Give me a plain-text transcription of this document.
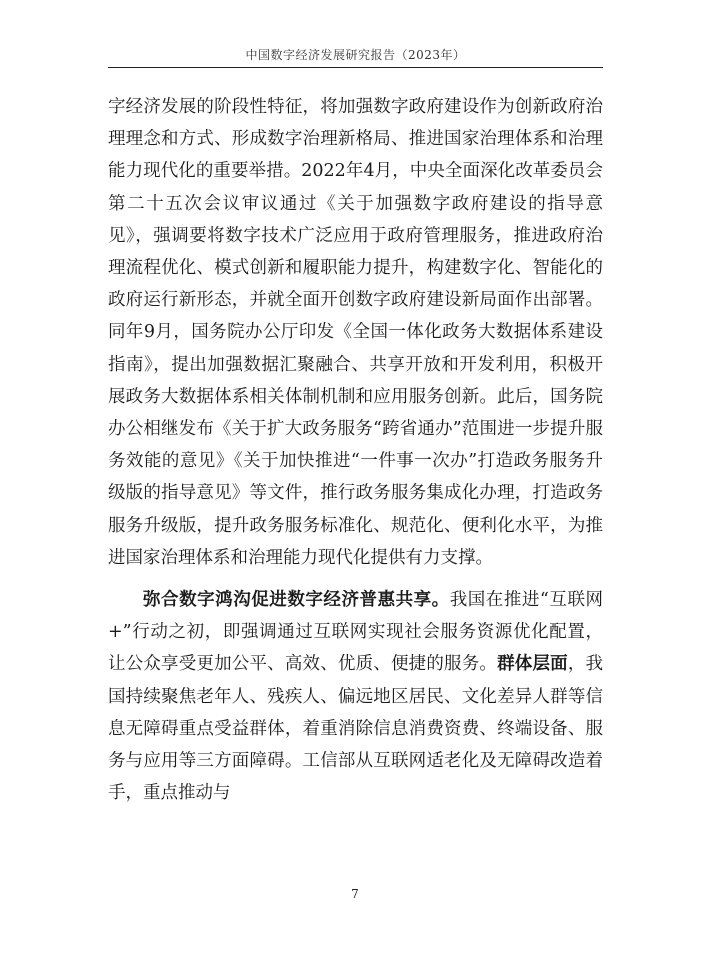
中国数字经济发展研究报告（2023年）

字经济发展的阶段性特征，将加强数字政府建设作为创新政府治理理念和方式、形成数字治理新格局、推进国家治理体系和治理能力现代化的重要举措。2022年4月，中央全面深化改革委员会第二十五次会议审议通过《关于加强数字政府建设的指导意见》，强调要将数字技术广泛应用于政府管理服务，推进政府治理流程优化、模式创新和履职能力提升，构建数字化、智能化的政府运行新形态，并就全面开创数字政府建设新局面作出部署。同年9月，国务院办公厅印发《全国一体化政务大数据体系建设指南》，提出加强数据汇聚融合、共享开放和开发利用，积极开展政务大数据体系相关体制机制和应用服务创新。此后，国务院办公相继发布《关于扩大政务服务“跨省通办”范围进一步提升服务效能的意见》《关于加快推进“一件事一次办”打造政务服务升级版的指导意见》等文件，推行政务服务集成化办理，打造政务服务升级版，提升政务服务标准化、规范化、便利化水平，为推进国家治理体系和治理能力现代化提供有力支撑。

弥合数字鸿沟促进数字经济普惠共享。我国在推进“互联网+”行动之初，即强调通过互联网实现社会服务资源优化配置，让公众享受更加公平、高效、优质、便捷的服务。群体层面，我国持续聚焦老年人、残疾人、偏远地区居民、文化差异人群等信息无障碍重点受益群体，着重消除信息消费资费、终端设备、服务与应用等三方面障碍。工信部从互联网适老化及无障碍改造着手，重点推动与

7
